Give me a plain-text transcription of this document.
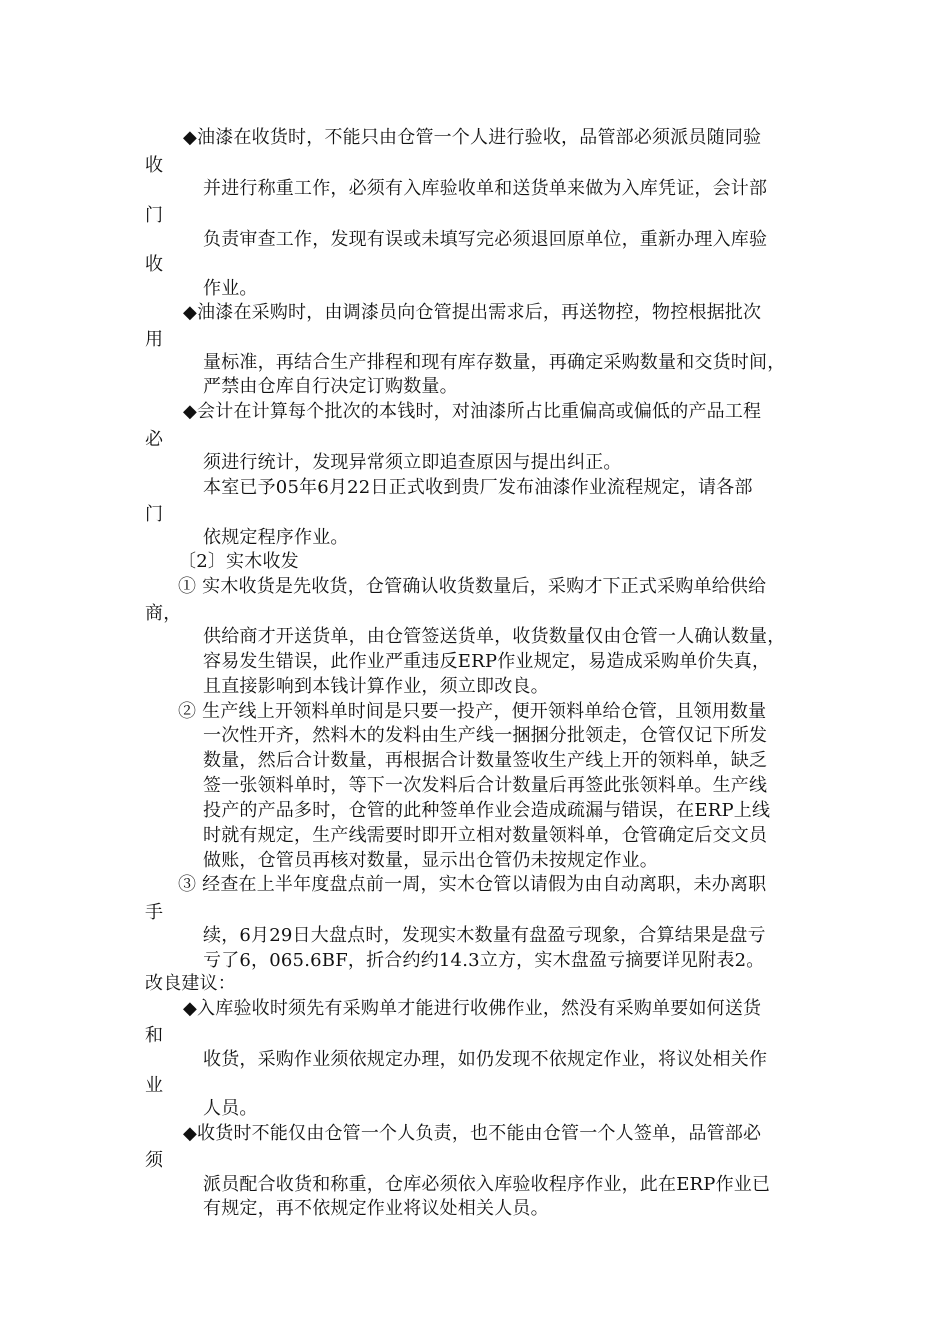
◆油漆在收货时，不能只由仓管一个人进行验收，品管部必须派员随同验
收
并进行称重工作，必须有入库验收单和送货单来做为入库凭证，会计部
门
负责审查工作，发现有误或未填写完必须退回原单位，重新办理入库验
收
作业。
◆油漆在采购时，由调漆员向仓管提出需求后，再送物控，物控根据批次
用
量标准，再结合生产排程和现有库存数量，再确定采购数量和交货时间，
严禁由仓库自行决定订购数量。
◆会计在计算每个批次的本钱时，对油漆所占比重偏高或偏低的产品工程
必
须进行统计，发现异常须立即追查原因与提出纠正。
本室已予05年6月22日正式收到贵厂发布油漆作业流程规定，请各部
门
依规定程序作业。
〔2〕实木收发
① 实木收货是先收货，仓管确认收货数量后，采购才下正式采购单给供给
商，
供给商才开送货单，由仓管签送货单，收货数量仅由仓管一人确认数量，
容易发生错误，此作业严重违反ERP作业规定，易造成采购单价失真，
且直接影响到本钱计算作业，须立即改良。
② 生产线上开领料单时间是只要一投产，便开领料单给仓管，且领用数量
一次性开齐，然料木的发料由生产线一捆捆分批领走，仓管仅记下所发
数量，然后合计数量，再根据合计数量签收生产线上开的领料单，缺乏
签一张领料单时，等下一次发料后合计数量后再签此张领料单。生产线
投产的产品多时，仓管的此种签单作业会造成疏漏与错误，在ERP上线
时就有规定，生产线需要时即开立相对数量领料单，仓管确定后交文员
做账，仓管员再核对数量，显示出仓管仍未按规定作业。
③ 经查在上半年度盘点前一周，实木仓管以请假为由自动离职，未办离职
手
续，6月29日大盘点时，发现实木数量有盘盈亏现象，合算结果是盘亏
亏了6，065.6BF，折合约约14.3立方，实木盘盈亏摘要详见附表2。
改良建议：
◆入库验收时须先有采购单才能进行收佛作业，然没有采购单要如何送货
和
收货，采购作业须依规定办理，如仍发现不依规定作业，将议处相关作
业
人员。
◆收货时不能仅由仓管一个人负责，也不能由仓管一个人签单，品管部必
须
派员配合收货和称重，仓库必须依入库验收程序作业，此在ERP作业已
有规定，再不依规定作业将议处相关人员。
